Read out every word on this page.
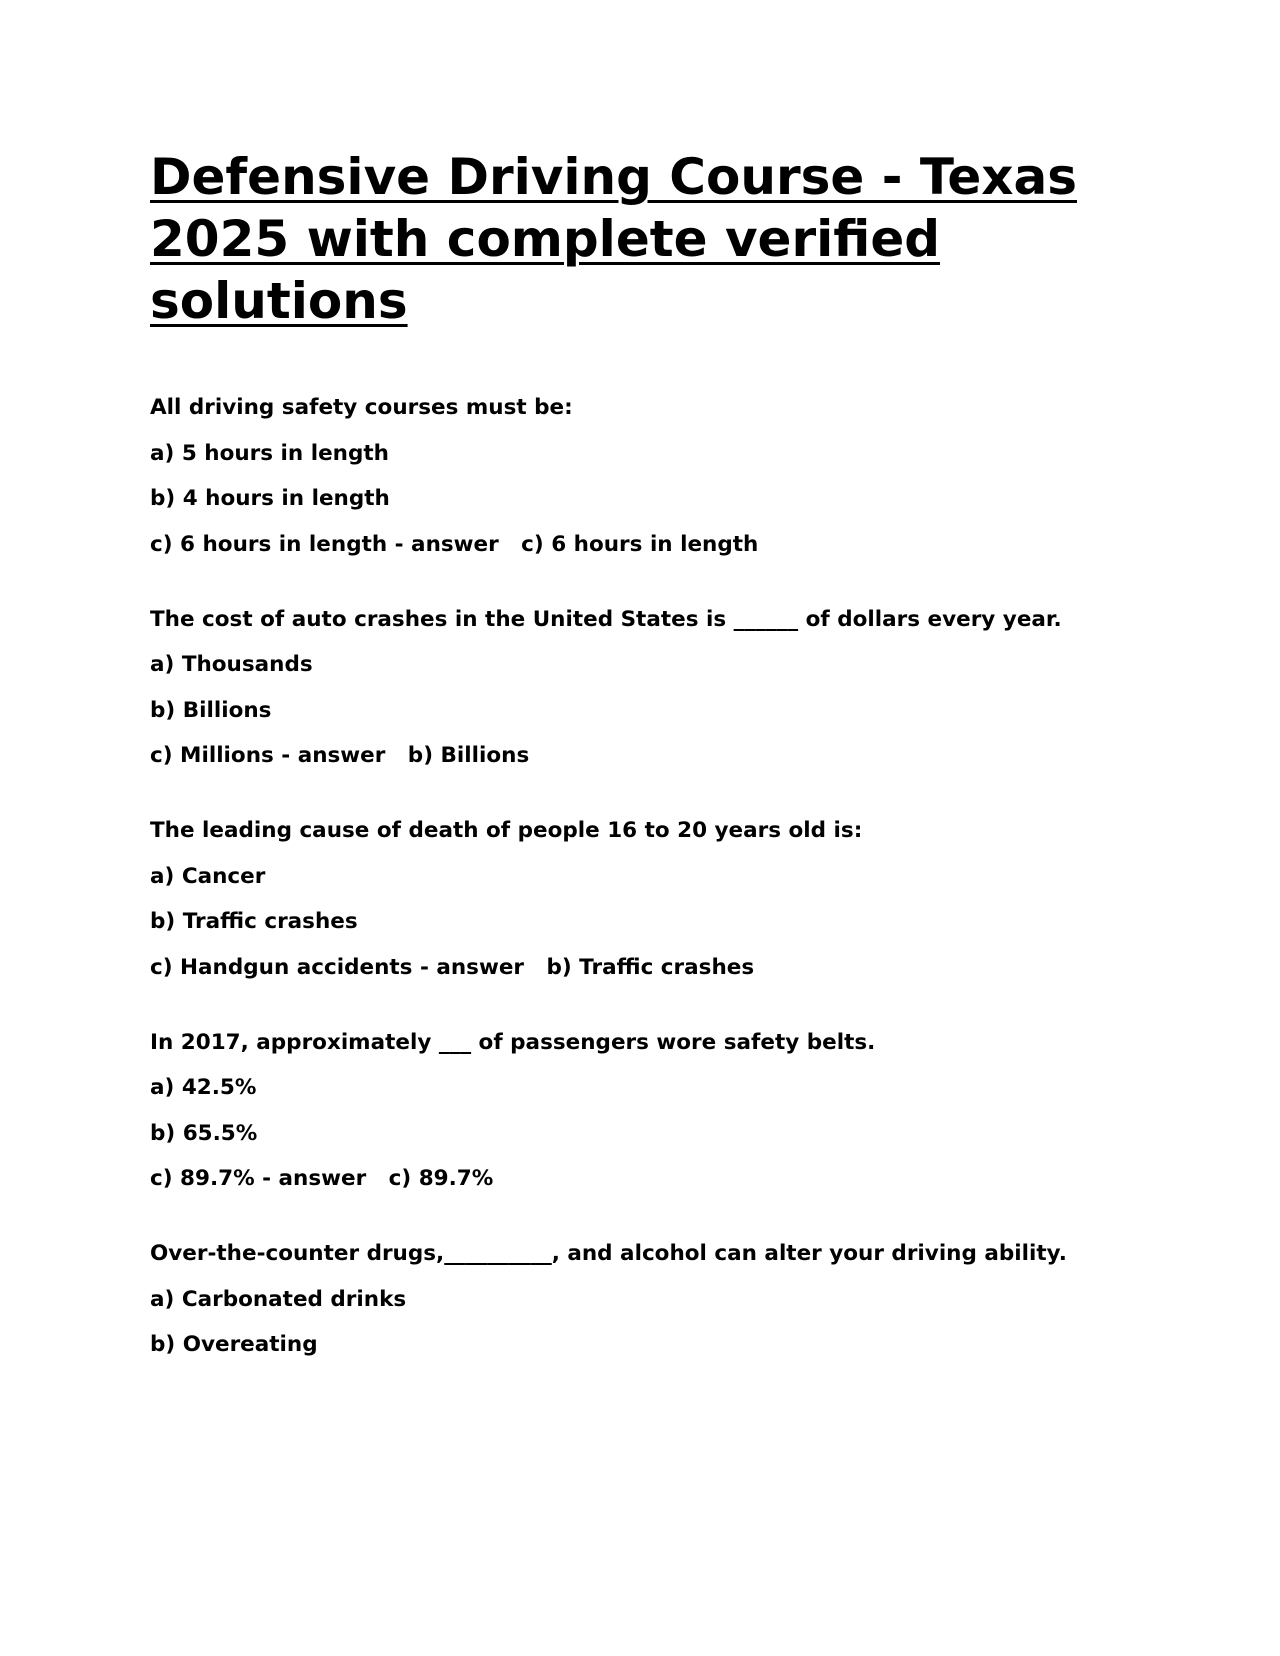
Defensive Driving Course - Texas 2025 with complete verified solutions
All driving safety courses must be:
a) 5 hours in length
b) 4 hours in length
c) 6 hours in length - answer   c) 6 hours in length
The cost of auto crashes in the United States is ______ of dollars every year.
a) Thousands
b) Billions
c) Millions - answer   b) Billions
The leading cause of death of people 16 to 20 years old is:
a) Cancer
b) Traffic crashes
c) Handgun accidents - answer   b) Traffic crashes
In 2017, approximately ___ of passengers wore safety belts.
a) 42.5%
b) 65.5%
c) 89.7% - answer   c) 89.7%
Over-the-counter drugs,__________, and alcohol can alter your driving ability.
a) Carbonated drinks
b) Overeating
